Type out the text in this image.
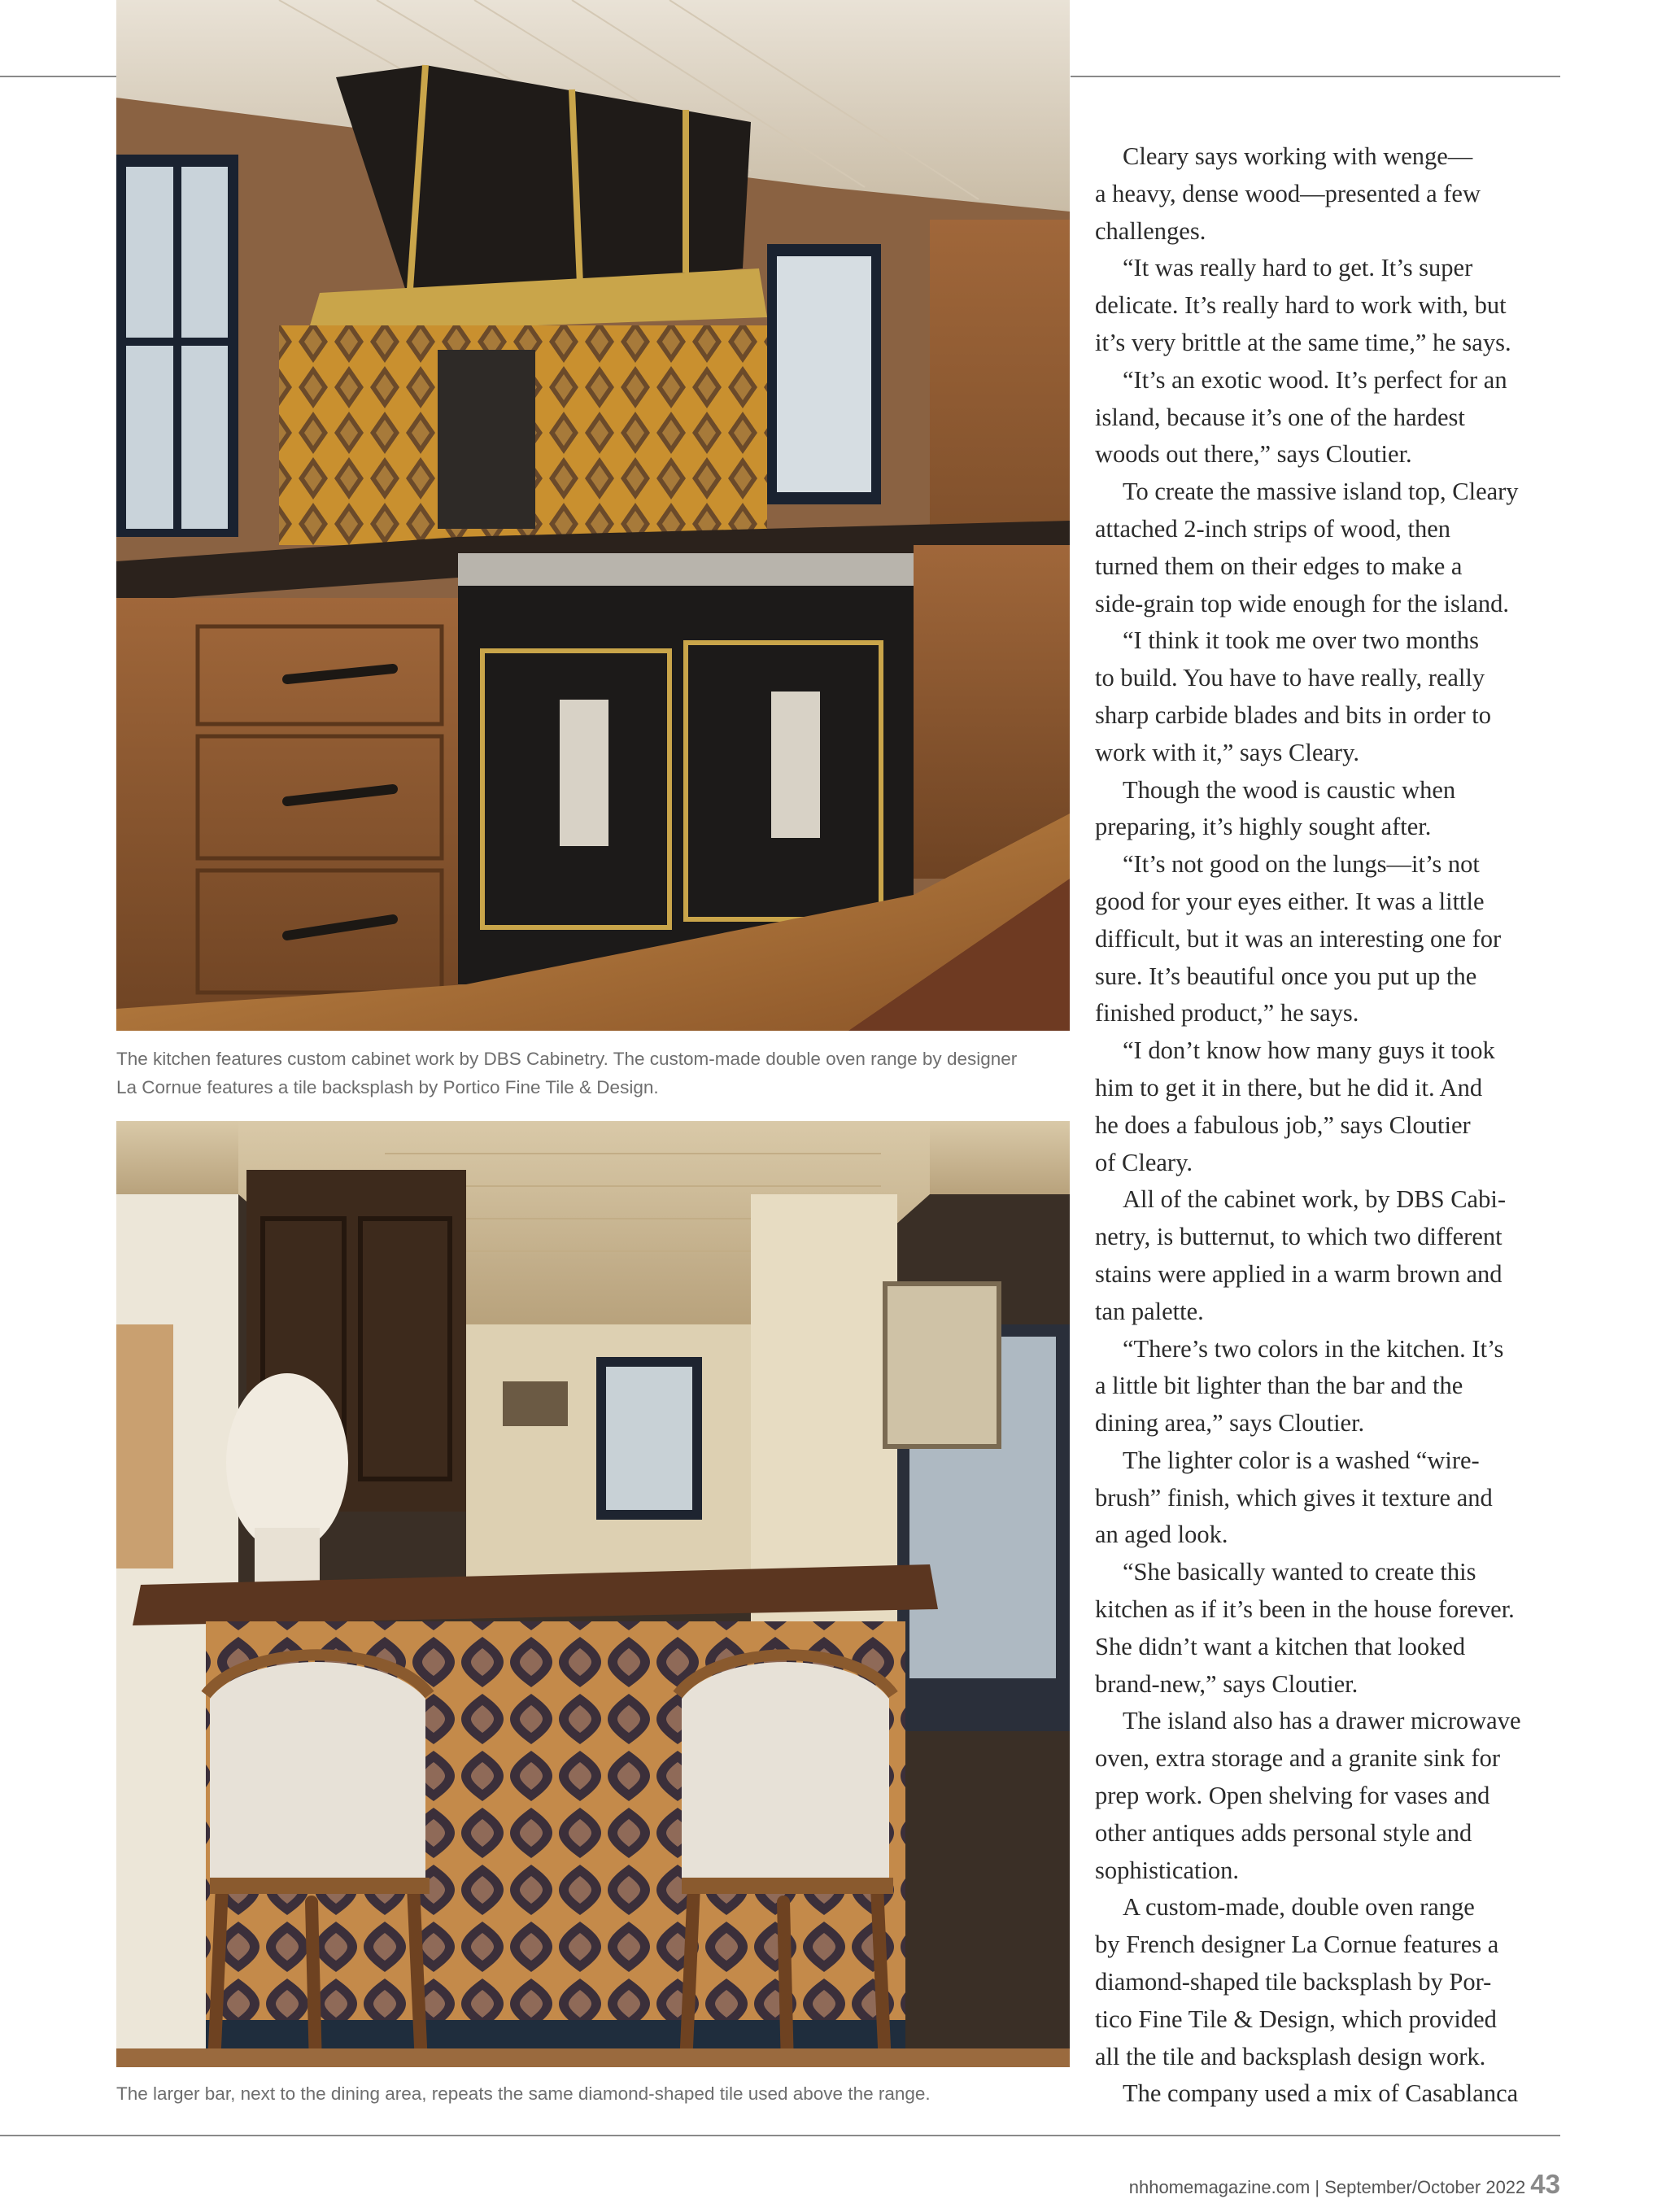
The kitchen features custom cabinet work by DBS Cabinetry. The custom-made double oven range by designer
La Cornue features a tile backsplash by Portico Fine Tile & Design.
The larger bar, next to the dining area, repeats the same diamond-shaped tile used above the range.

Cleary says working with wenge—
a heavy, dense wood—presented a few
challenges.

“It was really hard to get. It’s super
delicate. It’s really hard to work with, but
it’s very brittle at the same time,” he says.

“It’s an exotic wood. It’s perfect for an
island, because it’s one of the hardest
woods out there,” says Cloutier.

To create the massive island top, Cleary
attached 2-inch strips of wood, then
turned them on their edges to make a
side-grain top wide enough for the island.

“I think it took me over two months
to build. You have to have really, really
sharp carbide blades and bits in order to
work with it,” says Cleary.

Though the wood is caustic when
preparing, it’s highly sought after.

“It’s not good on the lungs—it’s not
good for your eyes either. It was a little
difficult, but it was an interesting one for
sure. It’s beautiful once you put up the
finished product,” he says.

“I don’t know how many guys it took
him to get it in there, but he did it. And
he does a fabulous job,” says Cloutier
of Cleary.

All of the cabinet work, by DBS Cabi-
netry, is butternut, to which two different
stains were applied in a warm brown and
tan palette.

“There’s two colors in the kitchen. It’s
a little bit lighter than the bar and the
dining area,” says Cloutier.

The lighter color is a washed “wire-
brush” finish, which gives it texture and
an aged look.

“She basically wanted to create this
kitchen as if it’s been in the house forever.
She didn’t want a kitchen that looked
brand-new,” says Cloutier.

The island also has a drawer microwave
oven, extra storage and a granite sink for
prep work. Open shelving for vases and
other antiques adds personal style and
sophistication.

A custom-made, double oven range
by French designer La Cornue features a
diamond-shaped tile backsplash by Por-
tico Fine Tile & Design, which provided
all the tile and backsplash design work.

The company used a mix of Casablanca

nhhomemagazine.com | September/October 2022 43
